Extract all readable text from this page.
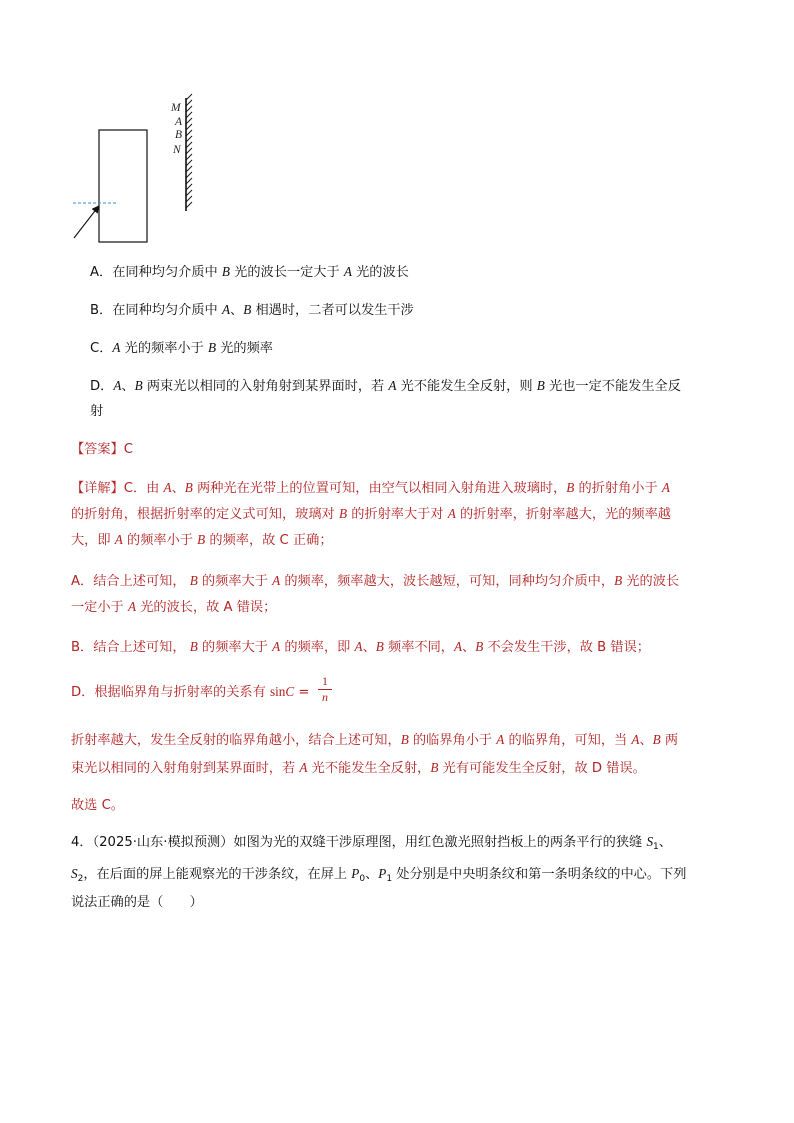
M
A
B
N
A．在同种均匀介质中 B 光的波长一定大于 A 光的波长
B．在同种均匀介质中 A、B 相遇时，二者可以发生干涉
C．A 光的频率小于 B 光的频率
D．A、B 两束光以相同的入射角射到某界面时，若 A 光不能发生全反射，则 B 光也一定不能发生全反
射
【答案】C
【详解】C．由 A、B 两种光在光带上的位置可知，由空气以相同入射角进入玻璃时，B 的折射角小于 A
的折射角，根据折射率的定义式可知，玻璃对 B 的折射率大于对 A 的折射率，折射率越大，光的频率越
大，即 A 的频率小于 B 的频率，故 C 正确；
A．结合上述可知， B 的频率大于 A 的频率，频率越大，波长越短，可知，同种均匀介质中，B 光的波长
一定小于 A 光的波长，故 A 错误；
B．结合上述可知， B 的频率大于 A 的频率，即 A、B 频率不同，A、B 不会发生干涉，故 B 错误；
D．根据临界角与折射率的关系有 sinC =
1
n
折射率越大，发生全反射的临界角越小，结合上述可知，B 的临界角小于 A 的临界角，可知，当 A、B 两
束光以相同的入射角射到某界面时，若 A 光不能发生全反射，B 光有可能发生全反射，故 D 错误。
故选 C。
4．（2025·山东·模拟预测）如图为光的双缝干涉原理图，用红色激光照射挡板上的两条平行的狭缝 $S_1$、
$S_2$，在后面的屏上能观察光的干涉条纹，在屏上 $P_0$、$P_1$ 处分别是中央明条纹和第一条明条纹的中心。下列
说法正确的是（　　）
